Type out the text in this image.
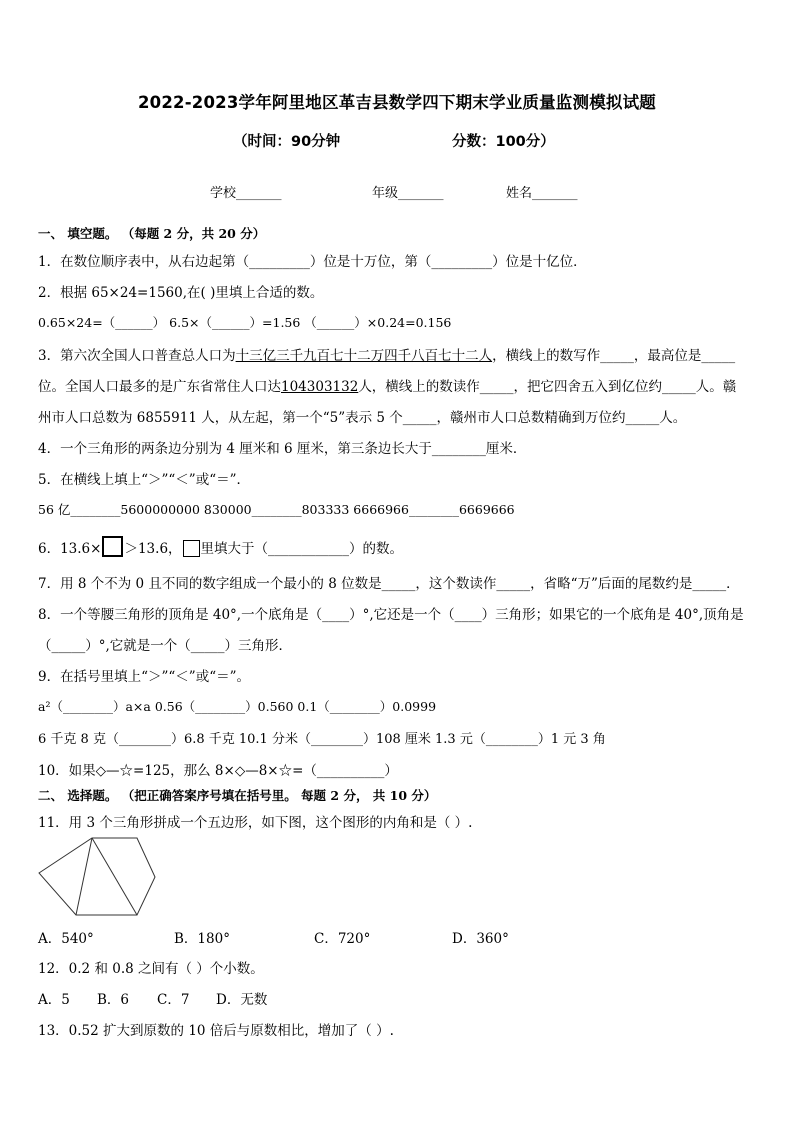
2022-2023学年阿里地区革吉县数学四下期末学业质量监测模拟试题
（时间：90分钟	分数：100分）
学校_______	年级_______	姓名_______
一、 填空题。 （每题 2 分，共 20 分）
1．在数位顺序表中，从右边起第（_________）位是十万位，第（_________）位是十亿位．
2．根据 65×24=1560,在( )里填上合适的数。
0.65×24=（______） 6.5×（______）=1.56 （______）×0.24=0.156
3．第六次全国人口普查总人口为十三亿三千九百七十二万四千八百七十二人，横线上的数写作_____，最高位是_____
位。全国人口最多的是广东省常住人口达104303132人，横线上的数读作_____，把它四舍五入到亿位约_____人。赣
州市人口总数为 6855911 人，从左起，第一个“5”表示 5 个_____，赣州市人口总数精确到万位约_____人。
4．一个三角形的两条边分别为 4 厘米和 6 厘米，第三条边长大于________厘米．
5．在横线上填上“＞”“＜”或“＝”．
56 亿________5600000000 830000________803333 6666966________6669666
6．13.6× ＞13.6， 里填大于（____________）的数。
7．用 8 个不为 0 且不同的数字组成一个最小的 8 位数是_____，这个数读作_____，省略“万”后面的尾数约是_____．
8．一个等腰三角形的顶角是 40°,一个底角是（____）°,它还是一个（____）三角形；如果它的一个底角是 40°,顶角是
（_____）°,它就是一个（_____）三角形．
9．在括号里填上“＞”“＜”或“＝”。
a²（________）a×a 0.56（________）0.560 0.1（________）0.0999
6 千克 8 克（________）6.8 千克 10.1 分米（________）108 厘米 1.3 元（________）1 元 3 角
10．如果◇—☆=125，那么 8×◇—8×☆=（__________）
二、 选择题。 （把正确答案序号填在括号里。 每题 2 分， 共 10 分）
11．用 3 个三角形拼成一个五边形，如下图，这个图形的内角和是（ ）.
A．540°	B．180°	C．720°	D．360°
12．0.2 和 0.8 之间有（ ）个小数。
A．5 B．6 C．7 D．无数
13．0.52 扩大到原数的 10 倍后与原数相比，增加了（ ）.
